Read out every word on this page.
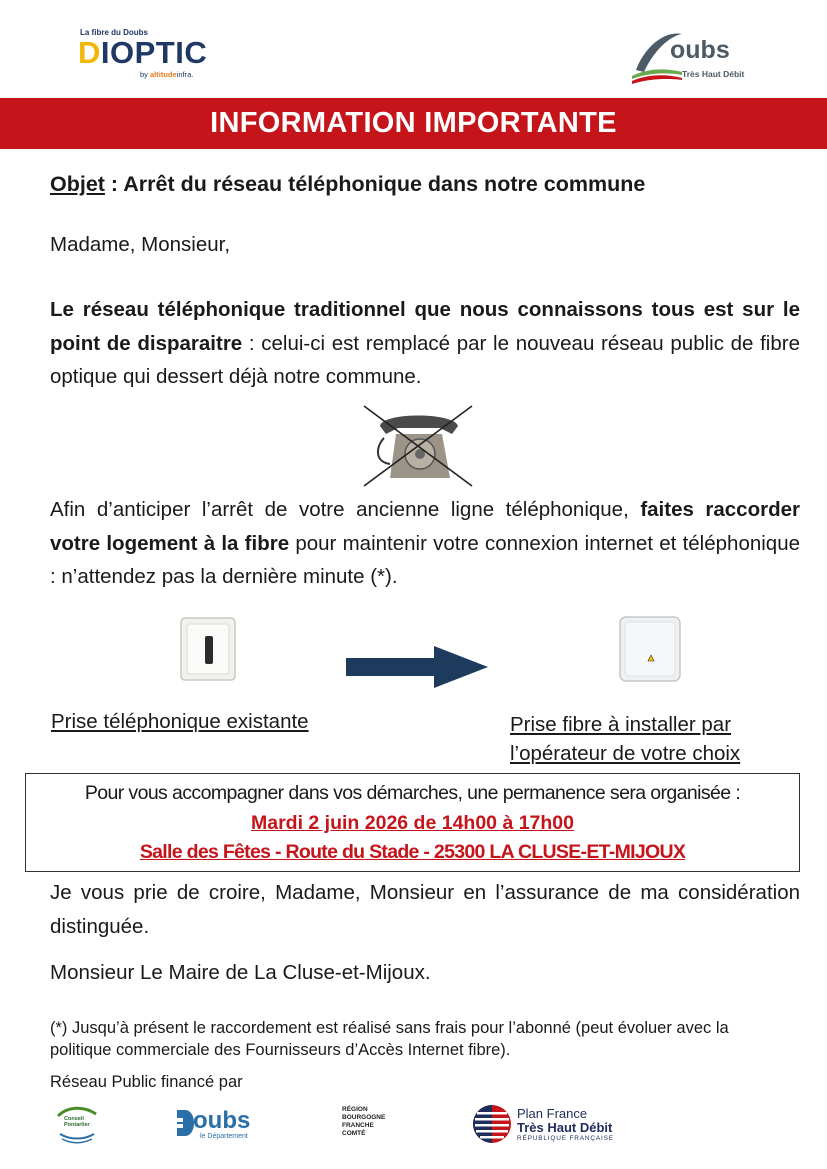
La fibre du Doubs
DIOPTIC
by altitudeinfra.
oubs
Très Haut Débit
INFORMATION IMPORTANTE
Objet : Arrêt du réseau téléphonique dans notre commune
Madame, Monsieur,
Le réseau téléphonique traditionnel que nous connaissons tous est sur le point de disparaitre : celui-ci est remplacé par le nouveau réseau public de fibre optique qui dessert déjà notre commune.
Afin d’anticiper l’arrêt de votre ancienne ligne téléphonique, faites raccorder votre logement à la fibre pour maintenir votre connexion internet et téléphonique : n’attendez pas la dernière minute (*).
Prise téléphonique existante	Prise fibre à installer par
l’opérateur de votre choix
Pour vous accompagner dans vos démarches, une permanence sera organisée :
Mardi 2 juin 2026 de 14h00 à 17h00
Salle des Fêtes - Route du Stade - 25300 LA CLUSE-ET-MIJOUX
Je vous prie de croire, Madame, Monsieur en l’assurance de ma considération distinguée.
Monsieur Le Maire de La Cluse-et-Mijoux.
(*) Jusqu’à présent le raccordement est réalisé sans frais pour l’abonné (peut évoluer avec la politique commerciale des Fournisseurs d’Accès Internet fibre).
Réseau Public financé par
Conseil Pontarlier	oubs
le Département
RÉGION
BOURGOGNE
FRANCHE
COMTÉ
Plan France
Très Haut Débit
RÉPUBLIQUE FRANÇAISE
